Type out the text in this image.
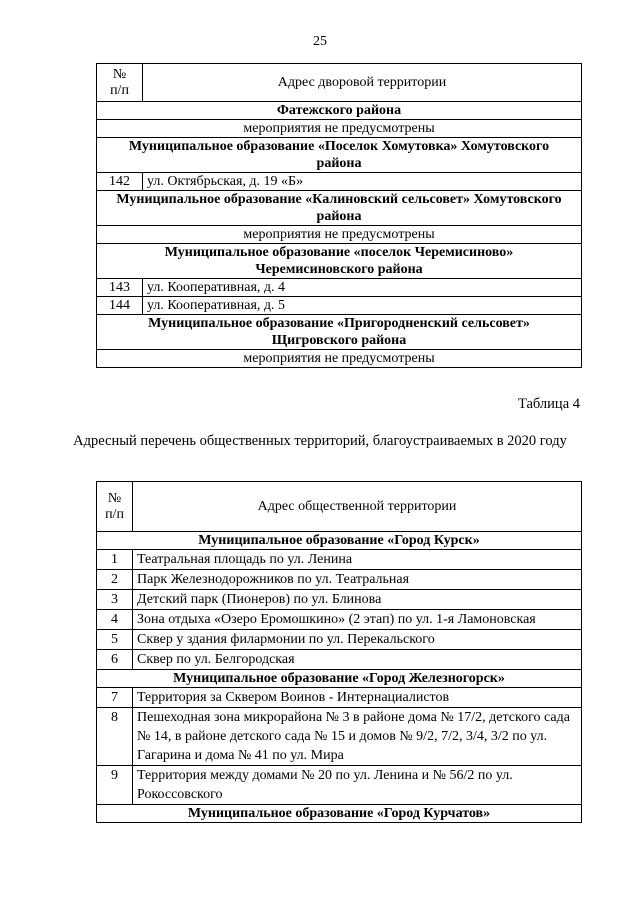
25
№
п/п	Адрес дворовой территории
Фатежского района	
мероприятия не предусмотрены	
Муниципальное образование «Поселок Хомутовка» Хомутовского района	
142	ул. Октябрьская, д. 19 «Б»
Муниципальное образование «Калиновский сельсовет» Хомутовского района	
мероприятия не предусмотрены	
Муниципальное образование «поселок Черемисиново» Черемисиновского района	
143	ул. Кооперативная, д. 4
144	ул. Кооперативная, д. 5
Муниципальное образование «Пригородненский сельсовет» Щигровского района	
мероприятия не предусмотрены	
Таблица 4
Адресный перечень общественных территорий, благоустраиваемых в 2020 году
№
п/п	Адрес общественной территории
Муниципальное образование «Город Курск»	
1	Театральная площадь по ул. Ленина
2	Парк Железнодорожников по ул. Театральная
3	Детский парк (Пионеров) по ул. Блинова
4	Зона отдыха «Озеро Еромошкино» (2 этап) по ул. 1-я Ламоновская
5	Сквер у здания филармонии по ул. Перекальского
6	Сквер по ул. Белгородская
Муниципальное образование «Город Железногорск»	
7	Территория за Сквером Воинов - Интернациалистов
8	Пешеходная зона микрорайона № 3 в районе дома № 17/2, детского сада № 14, в районе детского сада № 15 и домов № 9/2, 7/2, 3/4, 3/2 по ул. Гагарина и дома № 41 по ул. Мира
9	Территория между домами № 20 по ул. Ленина и № 56/2 по ул. Рокоссовского
Муниципальное образование «Город Курчатов»	
